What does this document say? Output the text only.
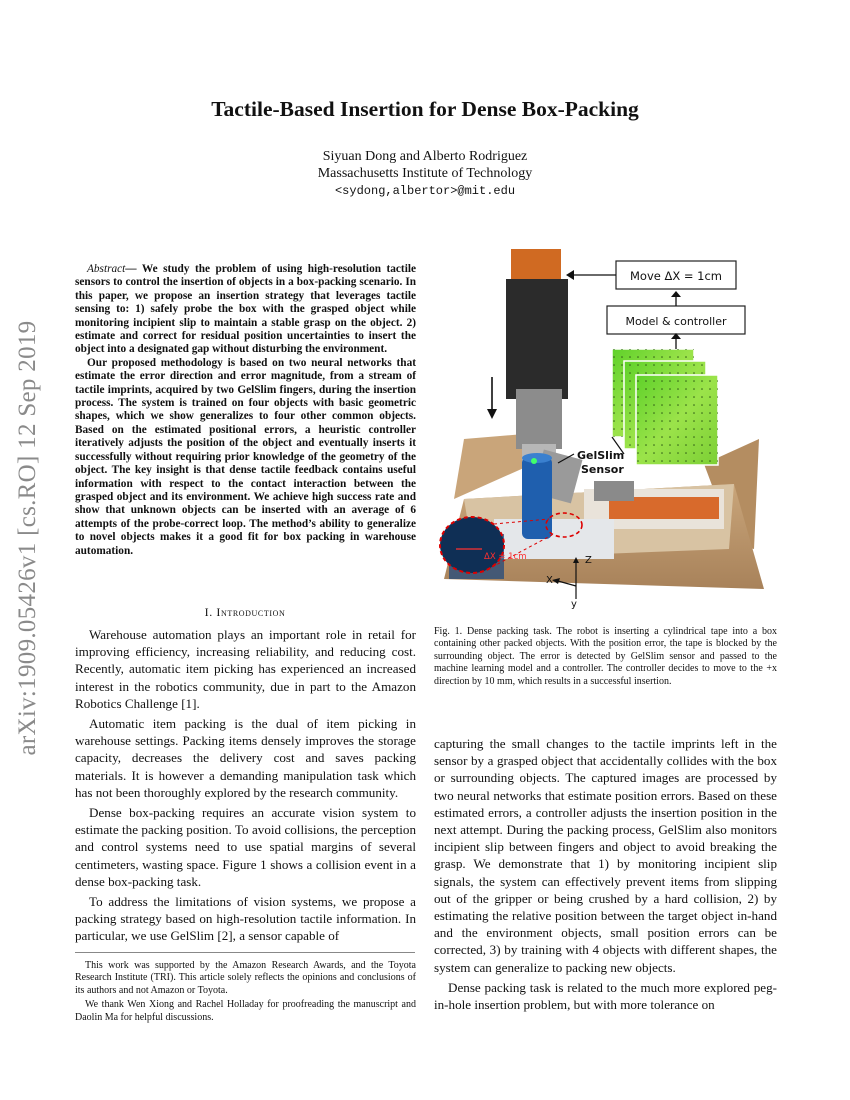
arXiv:1909.05426v1 [cs.RO] 12 Sep 2019
Tactile-Based Insertion for Dense Box-Packing
Siyuan Dong and Alberto Rodriguez
Massachusetts Institute of Technology
<sydong,albertor>@mit.edu

Abstract— We study the problem of using high-resolution tactile sensors to control the insertion of objects in a box-packing scenario. In this paper, we propose an insertion strategy that leverages tactile sensing to: 1) safely probe the box with the grasped object while monitoring incipient slip to maintain a stable grasp on the object. 2) estimate and correct for residual position uncertainties to insert the object into a designated gap without disturbing the environment.

Our proposed methodology is based on two neural networks that estimate the error direction and error magnitude, from a stream of tactile imprints, acquired by two GelSlim fingers, during the insertion process. The system is trained on four objects with basic geometric shapes, which we show generalizes to four other common objects. Based on the estimated positional errors, a heuristic controller iteratively adjusts the position of the object and eventually inserts it successfully without requiring prior knowledge of the geometry of the object. The key insight is that dense tactile feedback contains useful information with respect to the contact interaction between the grasped object and its environment. We achieve high success rate and show that unknown objects can be inserted with an average of 6 attempts of the probe-correct loop. The method’s ability to generalize to novel objects makes it a good fit for box packing in warehouse automation.

I. Introduction

Warehouse automation plays an important role in retail for improving efficiency, increasing reliability, and reducing cost. Recently, automatic item picking has experienced an increased interest in the robotics community, due in part to the Amazon Robotics Challenge [1].

Automatic item packing is the dual of item picking in warehouse settings. Packing items densely improves the storage capacity, decreases the delivery cost and saves packing materials. It is however a demanding manipulation task which has not been thoroughly explored by the research community.

Dense box-packing requires an accurate vision system to estimate the packing position. To avoid collisions, the perception and control systems need to use spatial margins of several centimeters, wasting space. Figure 1 shows a collision event in a dense box-packing task.

To address the limitations of vision systems, we propose a packing strategy based on high-resolution tactile information. In particular, we use GelSlim [2], a sensor capable of

This work was supported by the Amazon Research Awards, and the Toyota Research Institute (TRI). This article solely reflects the opinions and conclusions of its authors and not Amazon or Toyota.

We thank Wen Xiong and Rachel Holladay for proofreading the manuscript and Daolin Ma for helpful discussions.

ΔX = 1cm
GelSlim
Sensor
Move ΔX = 1cm
Model & controller
Z
X
y
Fig. 1. Dense packing task. The robot is inserting a cylindrical tape into a box containing other packed objects. With the position error, the tape is blocked by the surrounding object. The error is detected by GelSlim sensor and passed to the machine learning model and a controller. The controller decides to move to the +x direction by 10 mm, which results in a successful insertion.

capturing the small changes to the tactile imprints left in the sensor by a grasped object that accidentally collides with the box or surrounding objects. The captured images are processed by two neural networks that estimate position errors. Based on these estimated errors, a controller adjusts the insertion position in the next attempt. During the packing process, GelSlim also monitors incipient slip between fingers and object to avoid breaking the grasp. We demonstrate that 1) by monitoring incipient slip signals, the system can effectively prevent items from slipping out of the gripper or being crushed by a hard collision, 2) by estimating the relative position between the target object in-hand and the environment objects, small position errors can be corrected, 3) by training with 4 objects with different shapes, the system can generalize to packing new objects.

Dense packing task is related to the much more explored peg-in-hole insertion problem, but with more tolerance on
